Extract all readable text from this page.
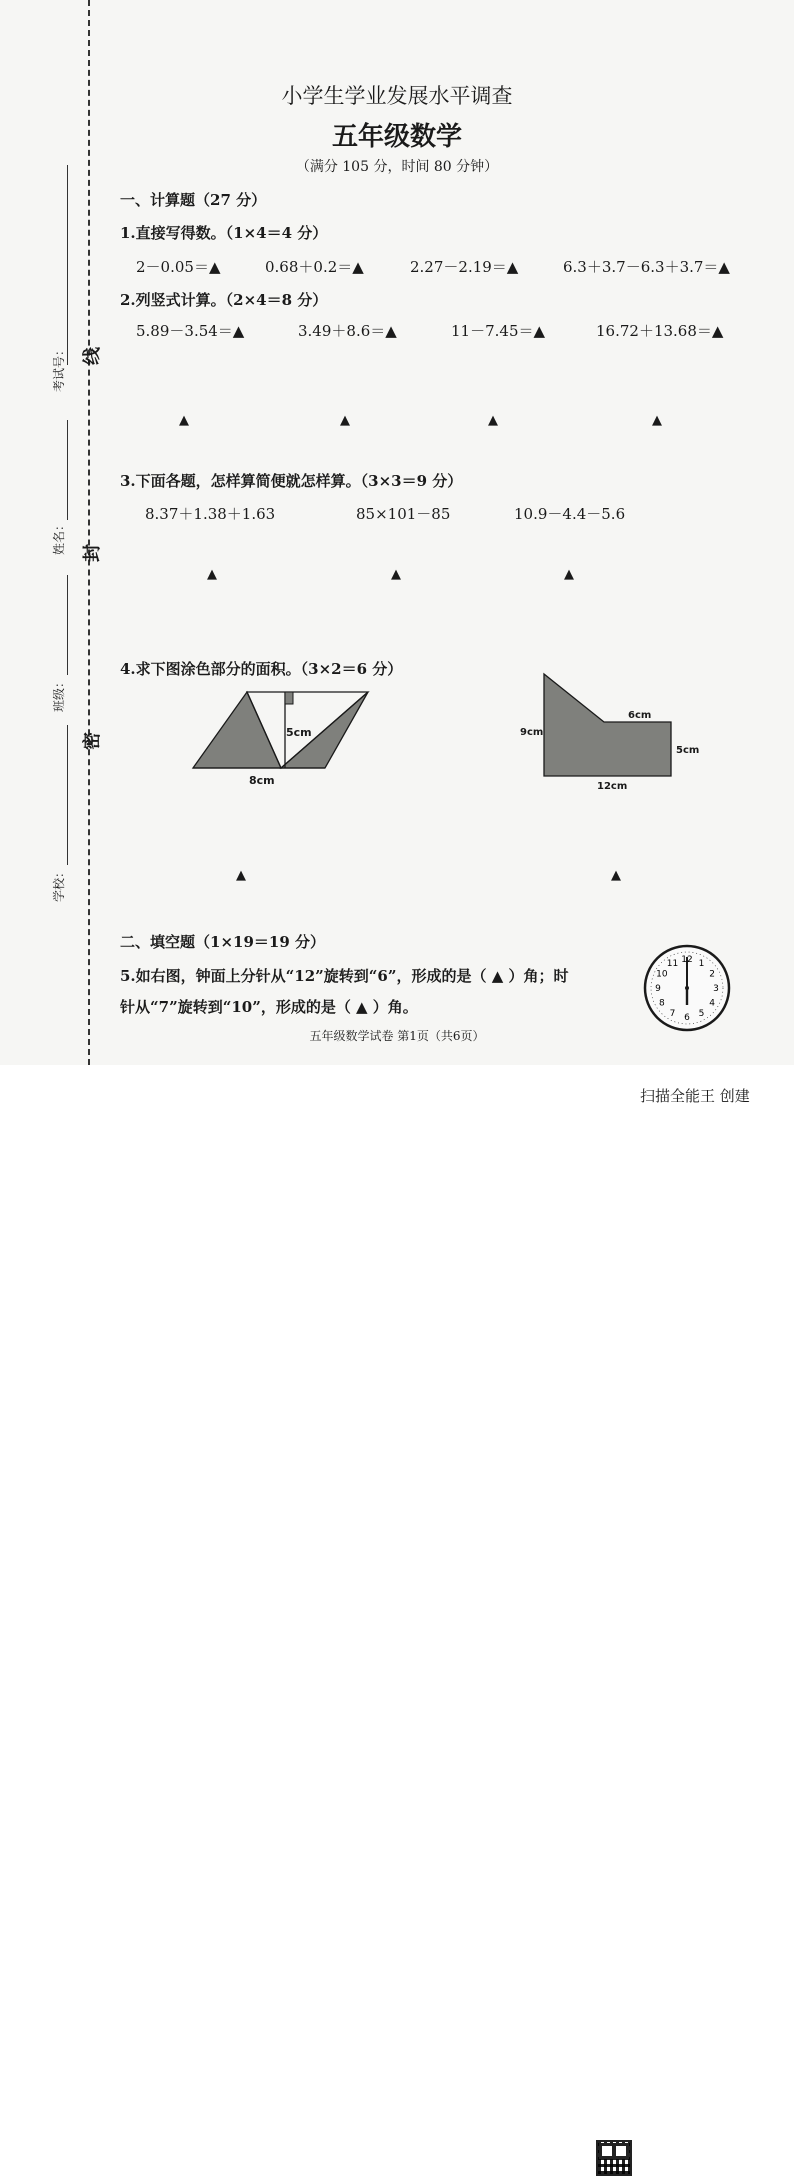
考试号： 线
姓名： 封
班级：
密
学校：
小学生学业发展水平调查
五年级数学
（满分 105 分，时间 80 分钟）
一、计算题（27 分）
1.直接写得数。（1×4＝4 分）
2－0.05＝▲	0.68＋0.2＝▲	2.27－2.19＝▲	6.3＋3.7－6.3＋3.7＝▲
2.列竖式计算。（2×4＝8 分）
5.89－3.54＝▲	3.49＋8.6＝▲	11－7.45＝▲	16.72＋13.68＝▲
▲	▲	▲	▲
3.下面各题，怎样算简便就怎样算。（3×3＝9 分）
8.37＋1.38＋1.63	85×101－85	10.9－4.4－5.6
▲	▲	▲
4.求下图涂色部分的面积。（3×2＝6 分）
5cm
8cm
9cm
6cm
5cm
12cm
▲	▲
二、填空题（1×19＝19 分）
5.如右图，钟面上分针从“12”旋转到“6”，形成的是（ ▲ ）角；时
针从“7”旋转到“10”，形成的是（ ▲ ）角。
12 1
2
3
4
5
6
7
8
9
10
11
五年级数学试卷 第1页（共6页）
扫描全能王 创建
